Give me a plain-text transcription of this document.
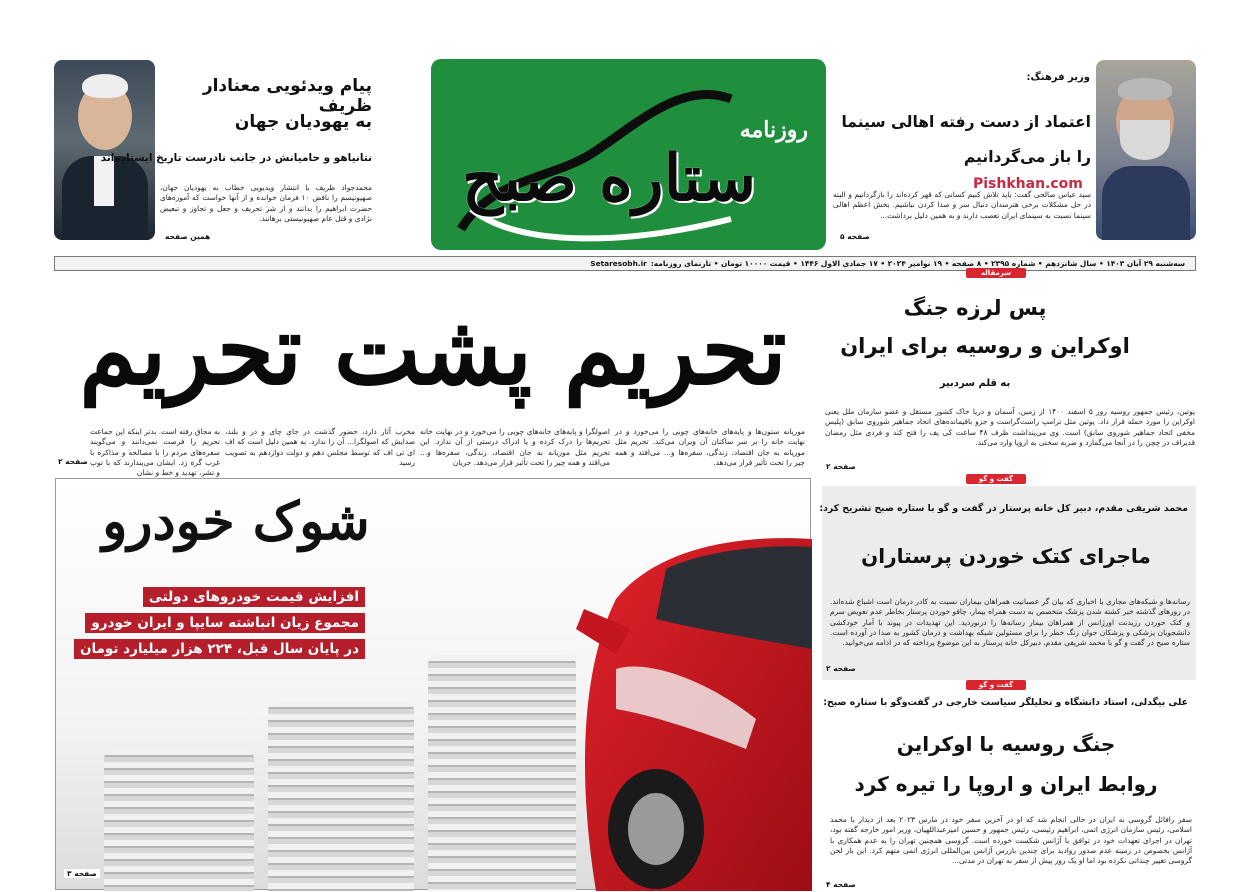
روزنامه
ستاره صبح
پیام ویدئویی معنادار ظریف
به یهودیان جهان
نتانیاهو و حامیانش در جانب نادرست تاریخ ایستاده‌اند
محمدجواد ظریف با انتشار ویدیویی خطاب به یهودیان جهان، صهیونیسم را ناقض ۱۰ فرمان خوانده و از آنها خواست که آموزه‌های حضرت ابراهیم را بدانند و از شر تحریف و جعل و تجاوز و تبعیض نژادی و قتل عام صهیونیستی برهانند.
همین صفحه
وزیر فرهنگ:
اعتماد از دست رفته اهالی سینما
را باز می‌گردانیم
Pishkhan.com
سید عباس صالحی گفت: باید تلاش کنیم کسانی که قهر کرده‌اند را بازگردانیم و البته در حل مشکلات برخی هنرمندان دنبال سر و صدا کردن نباشیم. بخش اعظم اهالی سینما نسبت به سینمای ایران تعصب دارند و به همین دلیل برداشت...
صفحه ۵
سه‌شنبه ۲۹ آبان ۱۴۰۳ • سال شانزدهم • شماره ۲۳۹۵ • ۸ صفحه • ۱۹ نوامبر ۲۰۲۴ • ۱۷ جمادی الاول ۱۴۴۶ • قیمت ۱۰۰۰۰ تومان • تارنمای روزنامه:
Setaresobh.ir
سرمقاله
پس لرزه جنگ
اوکراین و روسیه برای ایران
به قلم سردبیر
پوتین، رئیس جمهور روسیه روز ۵ اسفند ۱۴۰۰ از زمین، آسمان و دریا خاک کشور مستقل و عضو سازمان ملل یعنی اوکراین را مورد حمله قرار داد. پوتین مثل ترامپ راست‌گراست و جزو باقیمانده‌های اتحاد جماهیر شوروی سابق (پلیس مخفی اتحاد جماهیر شوروی سابق) است. وی می‌پنداشت ظرف ۴۸ ساعت کی یف را فتح کند و فردی مثل رمضان قدیراف در چچن را در آنجا می‌گمارد و ضربه سختی به اروپا وارد می‌کند.
صفحه ۲
تحریم پشت تحریم
موریانه ستون‌ها و پایه‌های خانه‌های چوبی را می‌خورد و در نهایت خانه را بر سر ساکنان آن ویران می‌کند. تحریم مثل موریانه به جان اقتصاد، زندگی، سفره‌ها و... می‌افتد و همه چیز را تحت تأثیر قرار می‌دهد.
اصولگرا و پایه‌های خانه‌های چوبی را می‌خورد و در نهایت خانه تحریم‌ها را درک کرده و یا ادراک درستی از آن ندارد. این تحریم مثل موریانه به جان اقتصاد، زندگی، سفره‌ها و... می‌افتد و همه چیز را تحت تأثیر قرار می‌دهد. جریان
مخرب آثار دارد، حضور گذشت در جای چای و در و بلند، صدایش که اصولگرا... آن را ندارد. به همین دلیل است که اف ای تی اف که توسط مجلس دهم و دولت دوازدهم به تصویب رسید
به محاق رفته است. بدتر اینکه این جماعت تحریم را فرصت نمی‌دانند و می‌گویند سفره‌های مردم را با مصالحه و مذاکره با غرب گره زد. ایشان می‌پندارند که با توپ و تشر، تهدید و خط و نشان
صفحه ۲
شوک خودرو
افزایش قیمت خودروهای دولتی
مجموع زیان انباشته سایپا و ایران خودرو
در پایان سال قبل، ۲۲۴ هزار میلیارد تومان
صفحه ۳
گفت و گو
محمد شریفی مقدم، دبیر کل خانه پرستار در گفت و گو با ستاره صبح تشریح کرد:
ماجرای کتک خوردن پرستاران
رسانه‌ها و شبکه‌های مجازی با اخباری که بیان گر عصبانیت همراهان بیماران نسبت به کادر درمان است اشباع شده‌اند. در روزهای گذشته خبر کشته شدن پزشک متخصص به دست همراه بیمار، چاقو خوردن پرستار بخاطر عدم تعویض سرم و کتک خوردن رزیدنت اورژانس از همراهان بیمار رسانه‌ها را درنوردید. این تهدیدات در پیوند با آمار خودکشی دانشجویان پزشکی و پزشکان جوان زنگ خطر را برای مسئولین شبکه بهداشت و درمان کشور به صدا در آورده است. ستاره صبح در گفت و گو با محمد شریفی مقدم، دبیرکل خانه پرستار به این موضوع پرداخته که در ادامه می‌خوانید.
صفحه ۲
گفت و گو
علی بیگدلی، استاد دانشگاه و تحلیلگر سیاست خارجی در گفت‌وگو با ستاره صبح:
جنگ روسیه با اوکراین
روابط ایران و اروپا را تیره کرد
سفر رافائل گروسی به ایران در حالی انجام شد که او در آخرین سفر خود در مارس ۲۰۲۳ بعد از دیدار با محمد اسلامی، رئیس سازمان انرژی اتمی، ابراهیم رئیسی، رئیس جمهور و حسین امیرعبداللهیان، وزیر امور خارجه گفته بود، تهران در اجرای تعهدات خود در توافق با آژانس شکست خورده است. گروسی همچنین تهران را به عدم همکاری با آژانس بخصوص در زمینه عدم صدور روادید برای چندین بازرس آژانس بین‌المللی انرژی اتمی متهم کرد. این بار لحن گروسی تغییر چندانی نکرده بود اما او یک روز پیش از سفر به تهران در مدتی...
صفحه ۴
